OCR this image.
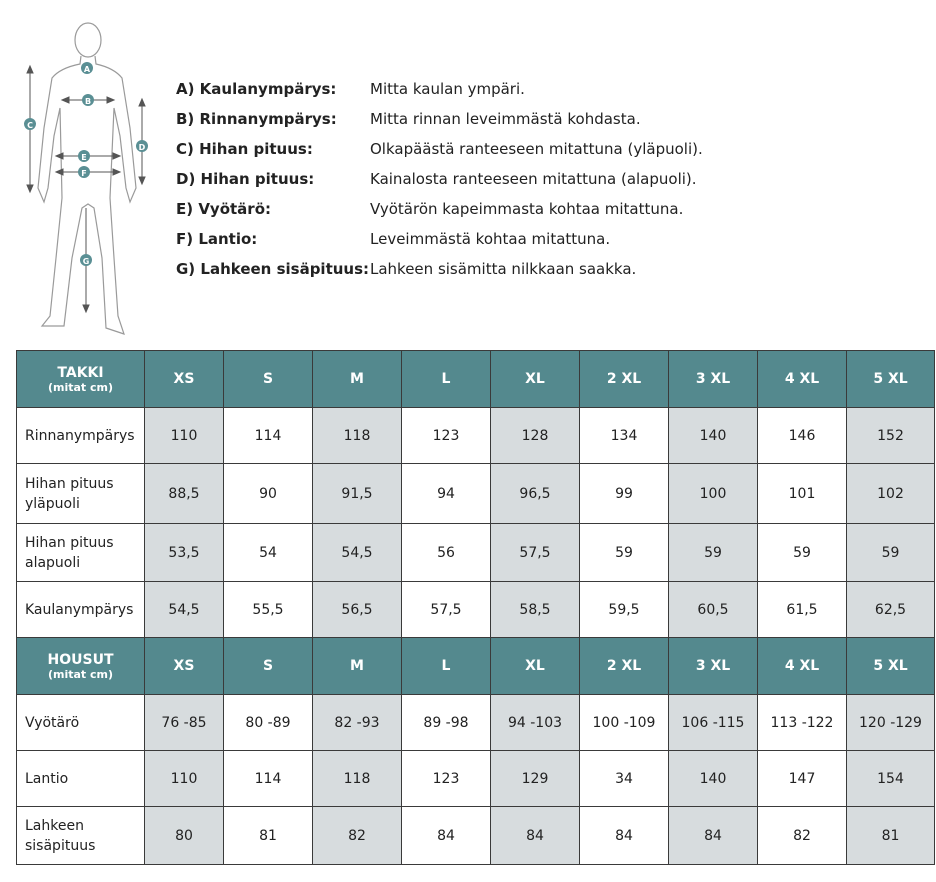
A
B
C
D
E
F
G
A) Kaulanympärys: Mitta kaulan ympäri.
B) Rinnanympärys: Mitta rinnan leveimmästä kohdasta.
C) Hihan pituus:	Olkapäästä ranteeseen mitattuna (yläpuoli).
D) Hihan pituus:	Kainalosta ranteeseen mitattuna (alapuoli).
E) Vyötärö:	Vyötärön kapeimmasta kohtaa mitattuna.
F) Lantio:	Leveimmästä kohtaa mitattuna.
G) Lahkeen sisäpituus: Lahkeen sisämitta nilkkaan saakka.
TAKKI
(mitat cm)	XS	S	M	L	XL	2 XL	3 XL	4 XL	5 XL
Rinnanympärys	110	114	118	123	128	134	140	146	152
Hihan pituus yläpuoli	88,5	90	91,5	94	96,5	99	100	101	102
Hihan pituus alapuoli	53,5	54	54,5	56	57,5	59	59	59	59
Kaulanympärys	54,5	55,5	56,5	57,5	58,5	59,5	60,5	61,5	62,5

HOUSUT
(mitat cm)	XS	S	M	L	XL	2 XL	3 XL	4 XL	5 XL
Vyötärö	76 -85	80 -89	82 -93	89 -98	94 -103	100 -109	106 -115	113 -122	120 -129
Lantio	110	114	118	123	129	34	140	147	154
Lahkeen sisäpituus	80	81	82	84	84	84	84	82	81
